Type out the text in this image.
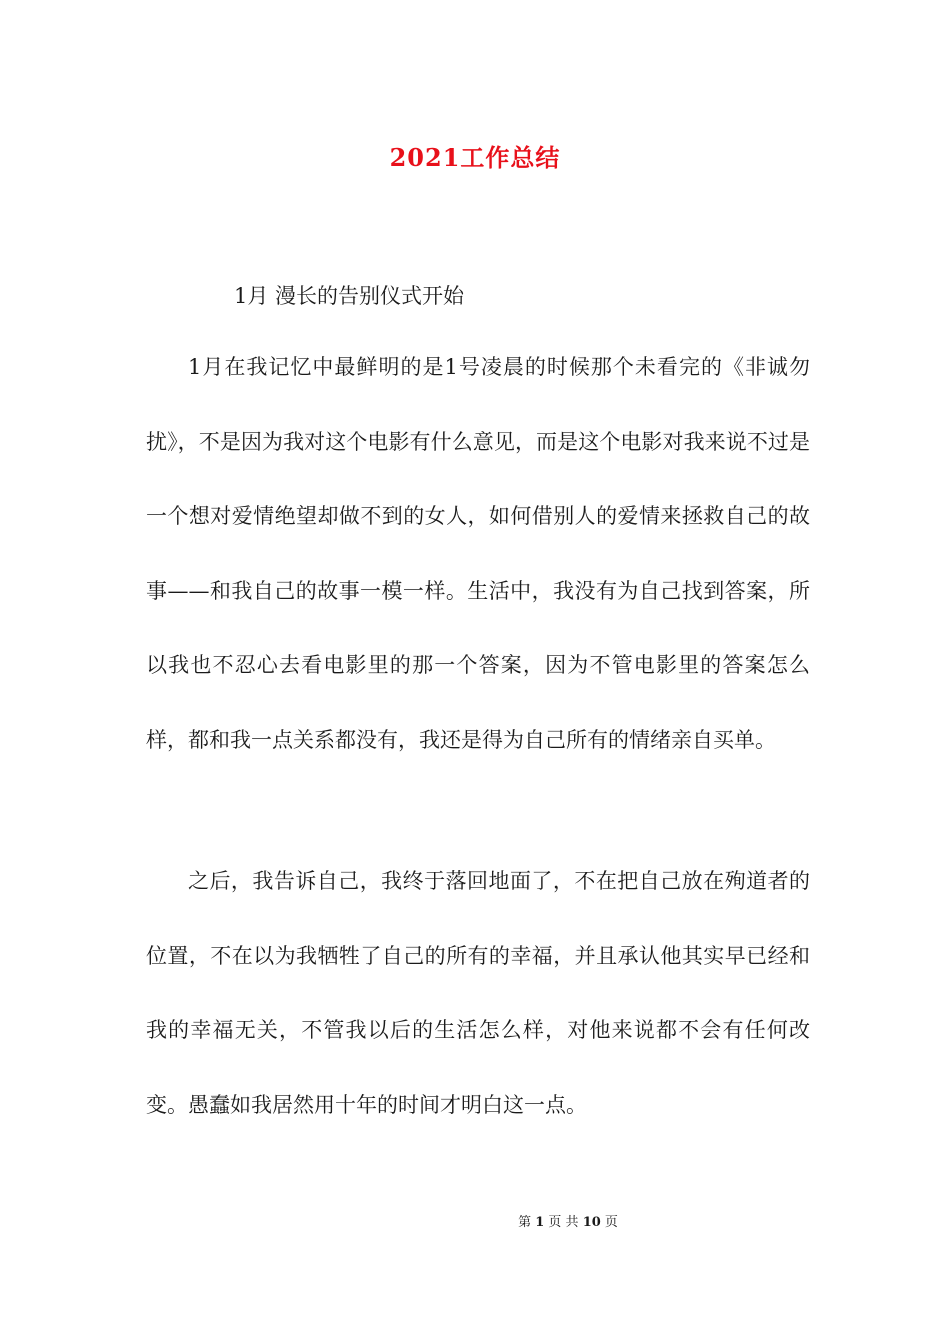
2021工作总结
1月 漫长的告别仪式开始

1月在我记忆中最鲜明的是1号凌晨的时候那个未看完的《非诚勿扰》，不是因为我对这个电影有什么意见，而是这个电影对我来说不过是一个想对爱情绝望却做不到的女人，如何借别人的爱情来拯救自己的故事——和我自己的故事一模一样。生活中，我没有为自己找到答案，所以我也不忍心去看电影里的那一个答案，因为不管电影里的答案怎么样，都和我一点关系都没有，我还是得为自己所有的情绪亲自买单。

之后，我告诉自己，我终于落回地面了，不在把自己放在殉道者的位置，不在以为我牺牲了自己的所有的幸福，并且承认他其实早已经和我的幸福无关，不管我以后的生活怎么样，对他来说都不会有任何改变。愚蠢如我居然用十年的时间才明白这一点。

第 1 页 共 10 页
